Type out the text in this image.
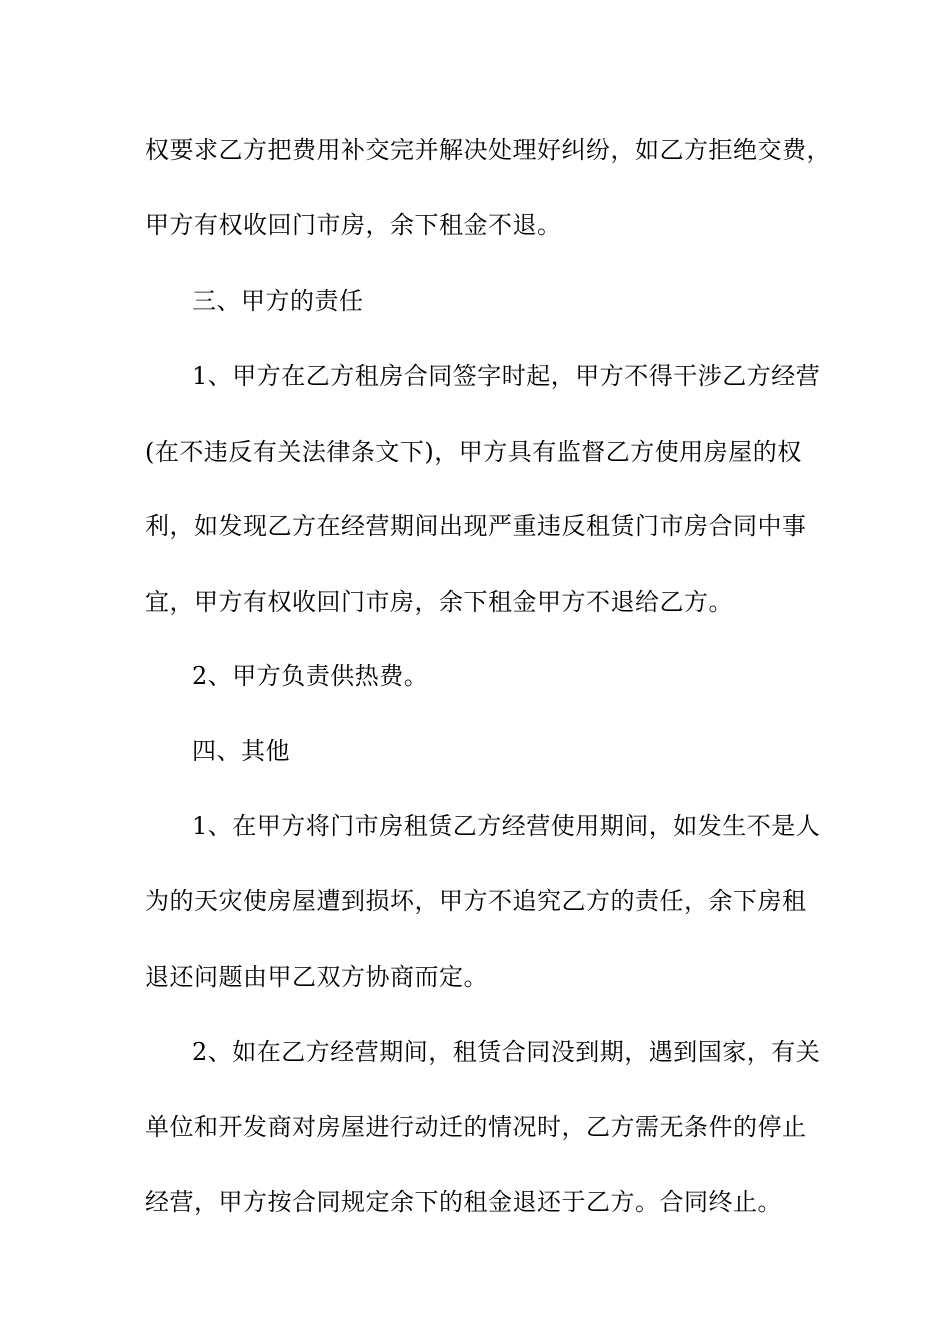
权要求乙方把费用补交完并解决处理好纠纷，如乙方拒绝交费，
甲方有权收回门市房，余下租金不退。
三、甲方的责任
1、甲方在乙方租房合同签字时起，甲方不得干涉乙方经营
(在不违反有关法律条文下)，甲方具有监督乙方使用房屋的权
利，如发现乙方在经营期间出现严重违反租赁门市房合同中事
宜，甲方有权收回门市房，余下租金甲方不退给乙方。
2、甲方负责供热费。
四、其他
1、在甲方将门市房租赁乙方经营使用期间，如发生不是人
为的天灾使房屋遭到损坏，甲方不追究乙方的责任，余下房租
退还问题由甲乙双方协商而定。
2、如在乙方经营期间，租赁合同没到期，遇到国家，有关
单位和开发商对房屋进行动迁的情况时，乙方需无条件的停止
经营，甲方按合同规定余下的租金退还于乙方。合同终止。
